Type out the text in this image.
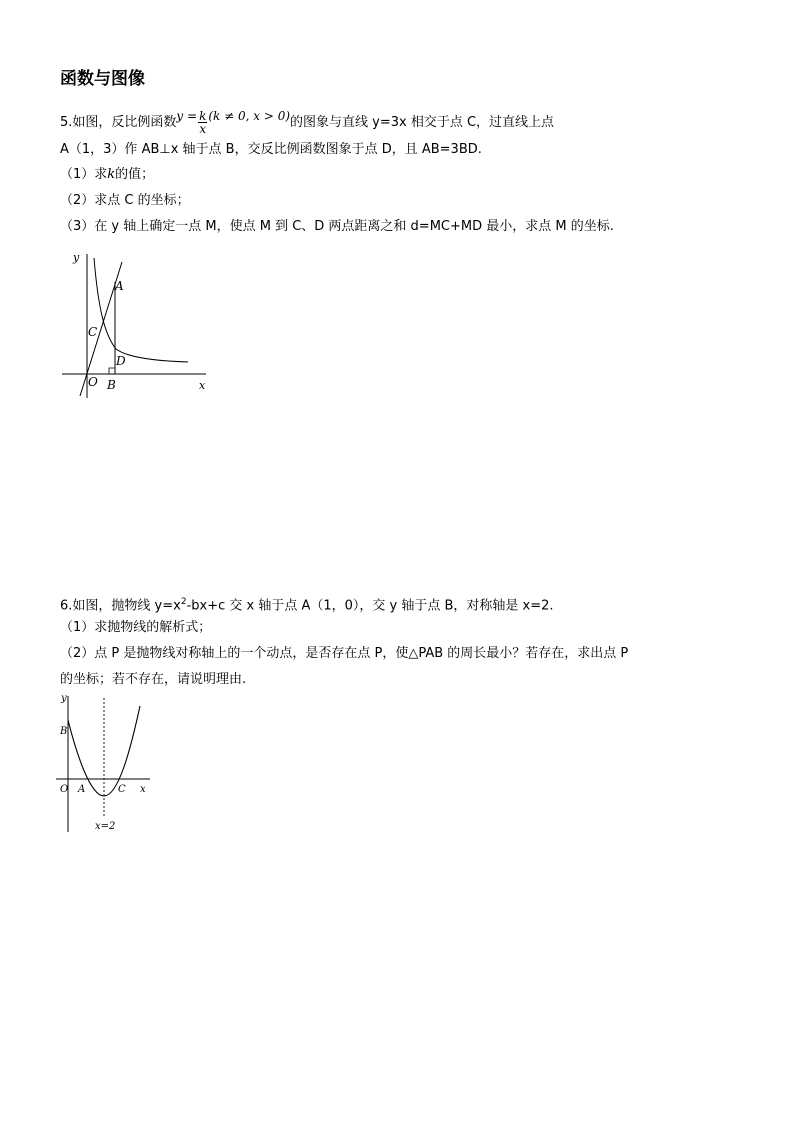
函数与图像
5.如图，反比例函数$y = \frac{k}{x} (k \ne 0$, x > 0)的图象与直线 y=3x 相交于点 C，过直线上点
A（1，3）作 AB⊥x 轴于点 B，交反比例函数图象于点 D，且 AB=3BD.
（1）求k的值；
（2）求点 C 的坐标；
（3）在 y 轴上确定一点 M，使点 M 到 C、D 两点距离之和 d=MC+MD 最小，求点 M 的坐标.
y
x
O B
A
C
D
6.如图，抛物线 $y=x^2-bx+c$ 交 x 轴于点 A（1，0），交 y 轴于点 B，对称轴是 x=2.
（1）求抛物线的解析式；
（2）点 P 是抛物线对称轴上的一个动点，是否存在点 P，使△PAB 的周长最小？若存在，求出点 P
的坐标；若不存在，请说明理由.
y
x
B
O A	C
x=2
